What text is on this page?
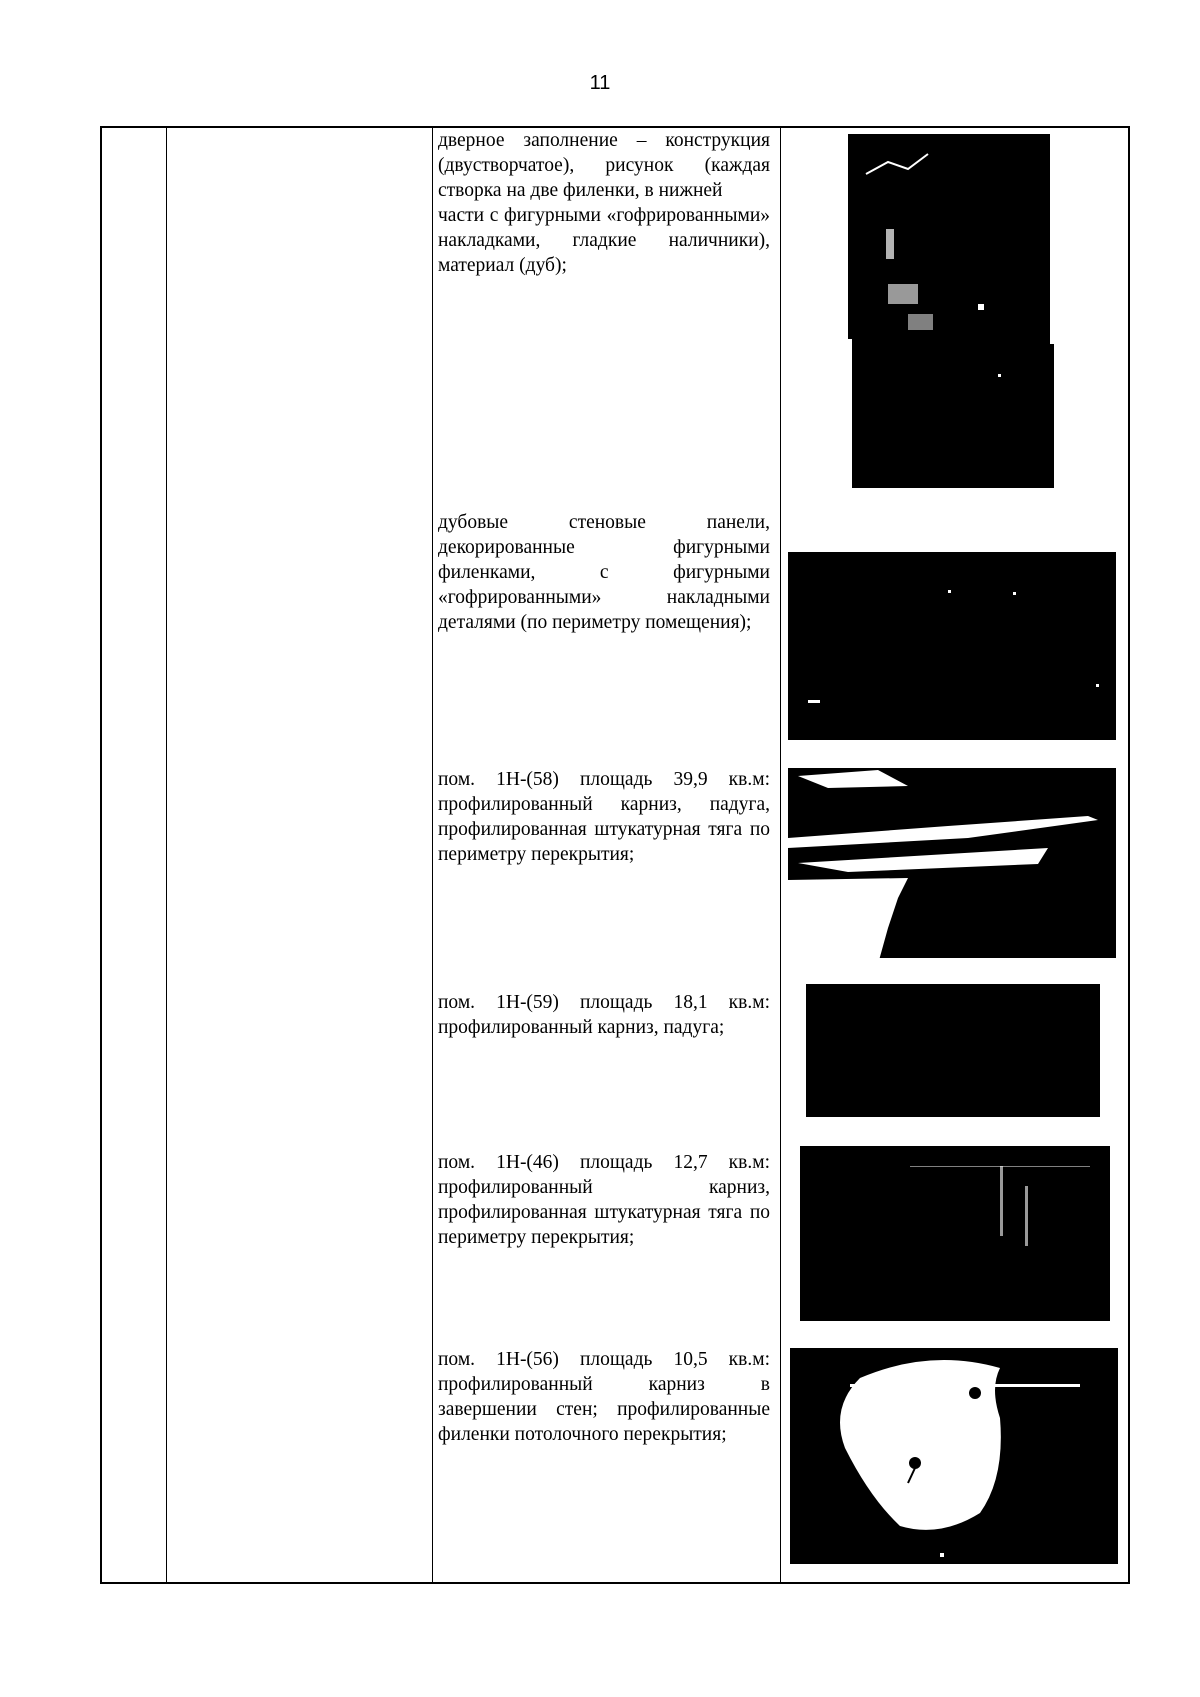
11
дверное заполнение – конструкция (двустворчатое), рисунок (каждая створка на две филенки, в нижней
части с фигурными «гофрированными» накладками, гладкие наличники), материал (дуб);
дубовые стеновые панели, декорированные фигурными филенками, с фигурными «гофрированными» накладными деталями (по периметру помещения);
пом. 1Н-(58) площадь 39,9 кв.м: профилированный карниз, падуга, профилированная штукатурная тяга по периметру перекрытия;
пом. 1Н-(59) площадь 18,1 кв.м: профилированный карниз, падуга;
пом. 1Н-(46) площадь 12,7 кв.м: профилированный карниз, профилированная штукатурная тяга по периметру перекрытия;
пом. 1Н-(56) площадь 10,5 кв.м: профилированный карниз в завершении стен; профилированные филенки потолочного перекрытия;
